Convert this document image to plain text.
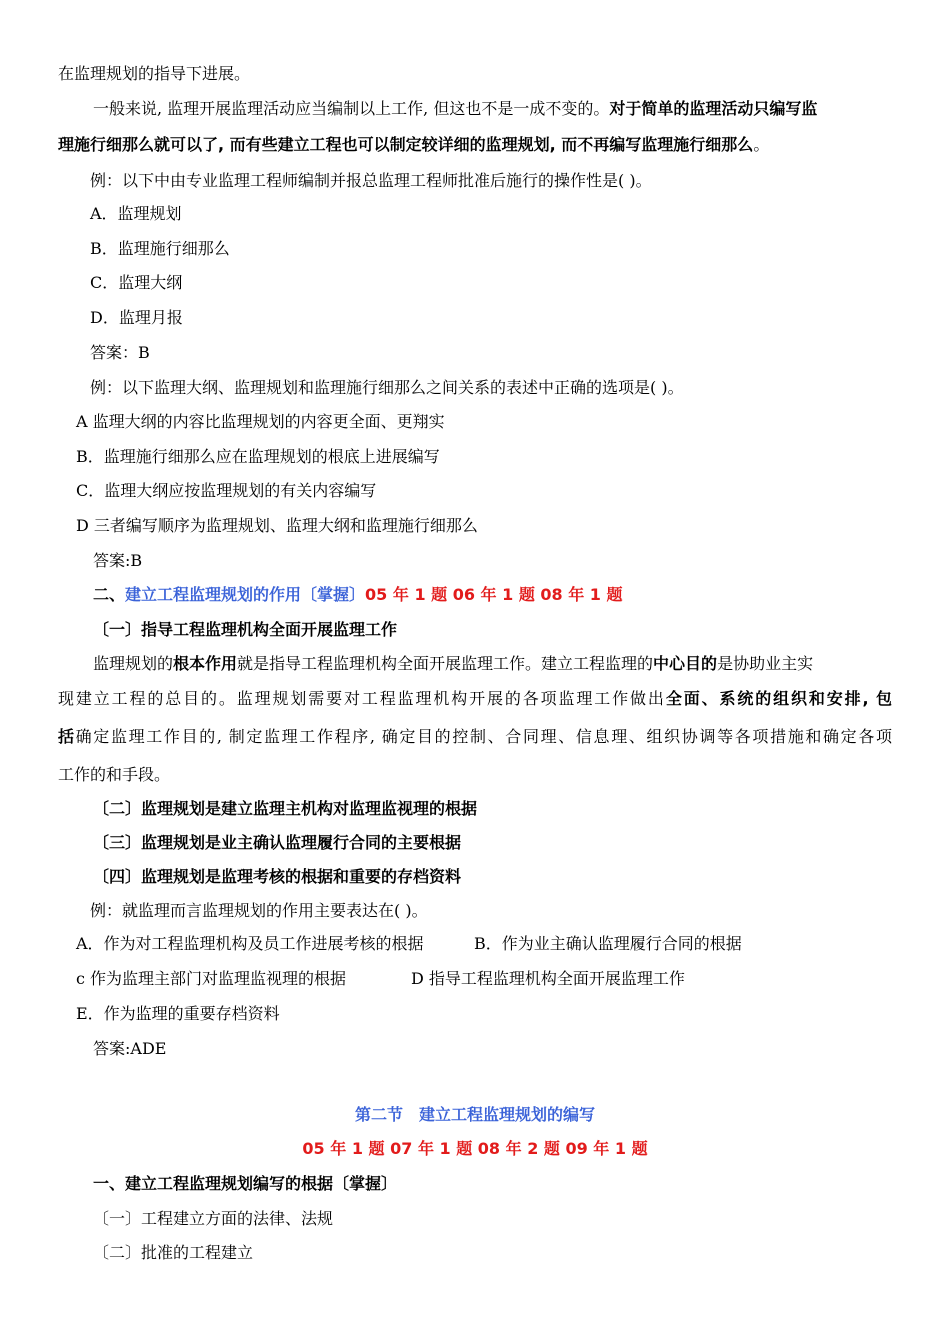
在监理规划的指导下进展。
一般来说, 监理开展监理活动应当编制以上工作, 但这也不是一成不变的。对于简单的监理活动只编写监
理施行细那么就可以了, 而有些建立工程也可以制定较详细的监理规划, 而不再编写监理施行细那么。
例：以下中由专业监理工程师编制并报总监理工程师批准后施行的操作性是( )。
A．监理规划
B．监理施行细那么
C．监理大纲
D．监理月报
答案：B
例：以下监理大纲、监理规划和监理施行细那么之间关系的表述中正确的选项是( )。
A 监理大纲的内容比监理规划的内容更全面、更翔实
B．监理施行细那么应在监理规划的根底上进展编写
C．监理大纲应按监理规划的有关内容编写
D 三者编写顺序为监理规划、监理大纲和监理施行细那么
答案:B
二、建立工程监理规划的作用〔掌握〕05 年 1 题 06 年 1 题 08 年 1 题
〔一〕指导工程监理机构全面开展监理工作
监理规划的根本作用就是指导工程监理机构全面开展监理工作。建立工程监理的中心目的是协助业主实
现建立工程的总目的。监理规划需要对工程监理机构开展的各项监理工作做出全面、系统的组织和安排, 包
括确定监理工作目的, 制定监理工作程序, 确定目的控制、合同理、信息理、组织协调等各项措施和确定各项
工作的和手段。
〔二〕监理规划是建立监理主机构对监理监视理的根据
〔三〕监理规划是业主确认监理履行合同的主要根据
〔四〕监理规划是监理考核的根据和重要的存档资料
例：就监理而言监理规划的作用主要表达在( )。
A．作为对工程监理机构及员工作进展考核的根据	B．作为业主确认监理履行合同的根据
c 作为监理主部门对监理监视理的根据	D 指导工程监理机构全面开展监理工作
E．作为监理的重要存档资料
答案:ADE
第二节　建立工程监理规划的编写
05 年 1 题 07 年 1 题 08 年 2 题 09 年 1 题
一、建立工程监理规划编写的根据〔掌握〕
〔一〕工程建立方面的法律、法规
〔二〕批准的工程建立
